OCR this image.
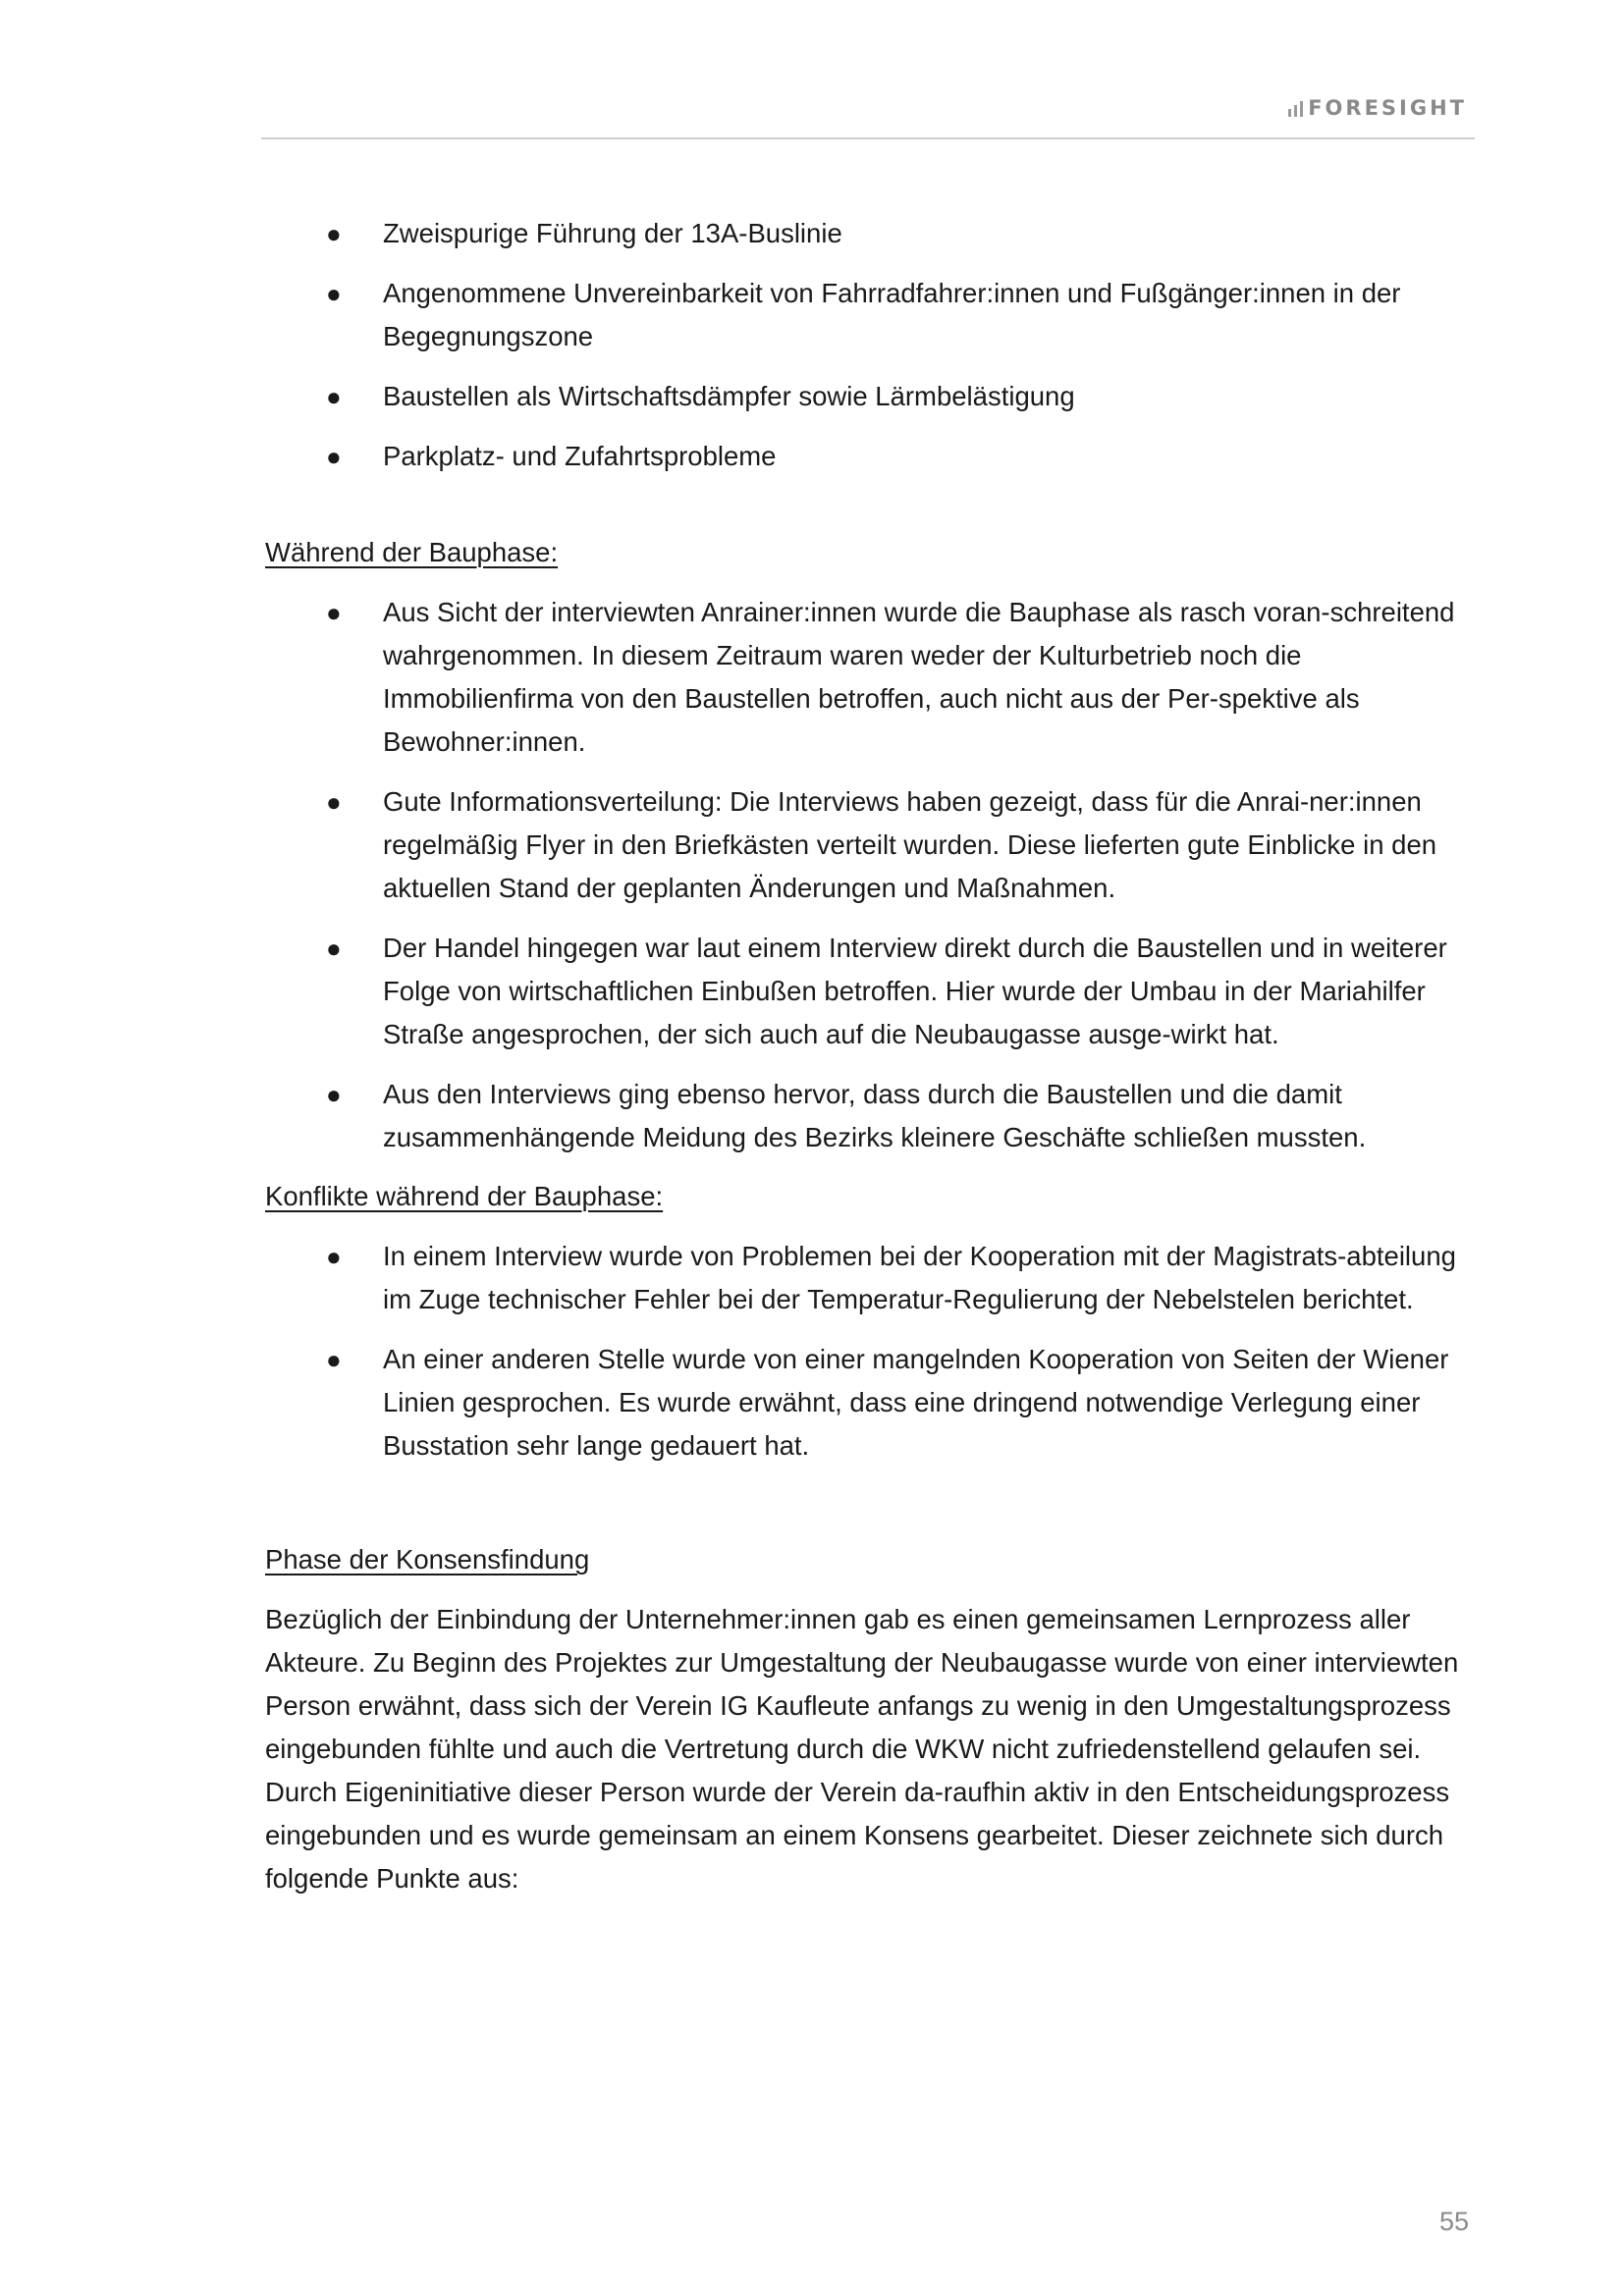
FORESIGHT
● Zweispurige Führung der 13A-Buslinie
● Angenommene Unvereinbarkeit von Fahrradfahrer:innen und Fußgänger:innen in der Begegnungszone
● Baustellen als Wirtschaftsdämpfer sowie Lärmbelästigung
● Parkplatz- und Zufahrtsprobleme
Während der Bauphase:
● Aus Sicht der interviewten Anrainer:innen wurde die Bauphase als rasch voran-schreitend wahrgenommen. In diesem Zeitraum waren weder der Kulturbetrieb noch die Immobilienfirma von den Baustellen betroffen, auch nicht aus der Per-spektive als Bewohner:innen.
● Gute Informationsverteilung: Die Interviews haben gezeigt, dass für die Anrai-ner:innen regelmäßig Flyer in den Briefkästen verteilt wurden. Diese lieferten gute Einblicke in den aktuellen Stand der geplanten Änderungen und Maßnahmen.
● Der Handel hingegen war laut einem Interview direkt durch die Baustellen und in weiterer Folge von wirtschaftlichen Einbußen betroffen. Hier wurde der Umbau in der Mariahilfer Straße angesprochen, der sich auch auf die Neubaugasse ausge-wirkt hat.
● Aus den Interviews ging ebenso hervor, dass durch die Baustellen und die damit zusammenhängende Meidung des Bezirks kleinere Geschäfte schließen mussten.
Konflikte während der Bauphase:
● In einem Interview wurde von Problemen bei der Kooperation mit der Magistrats-abteilung im Zuge technischer Fehler bei der Temperatur-Regulierung der Nebelstelen berichtet.
● An einer anderen Stelle wurde von einer mangelnden Kooperation von Seiten der Wiener Linien gesprochen. Es wurde erwähnt, dass eine dringend notwendige Verlegung einer Busstation sehr lange gedauert hat.
Phase der Konsensfindung

Bezüglich der Einbindung der Unternehmer:innen gab es einen gemeinsamen Lernprozess aller Akteure. Zu Beginn des Projektes zur Umgestaltung der Neubaugasse wurde von einer interviewten Person erwähnt, dass sich der Verein IG Kaufleute anfangs zu wenig in den Umgestaltungsprozess eingebunden fühlte und auch die Vertretung durch die WKW nicht zufriedenstellend gelaufen sei. Durch Eigeninitiative dieser Person wurde der Verein da-raufhin aktiv in den Entscheidungsprozess eingebunden und es wurde gemeinsam an einem Konsens gearbeitet. Dieser zeichnete sich durch folgende Punkte aus:

55
